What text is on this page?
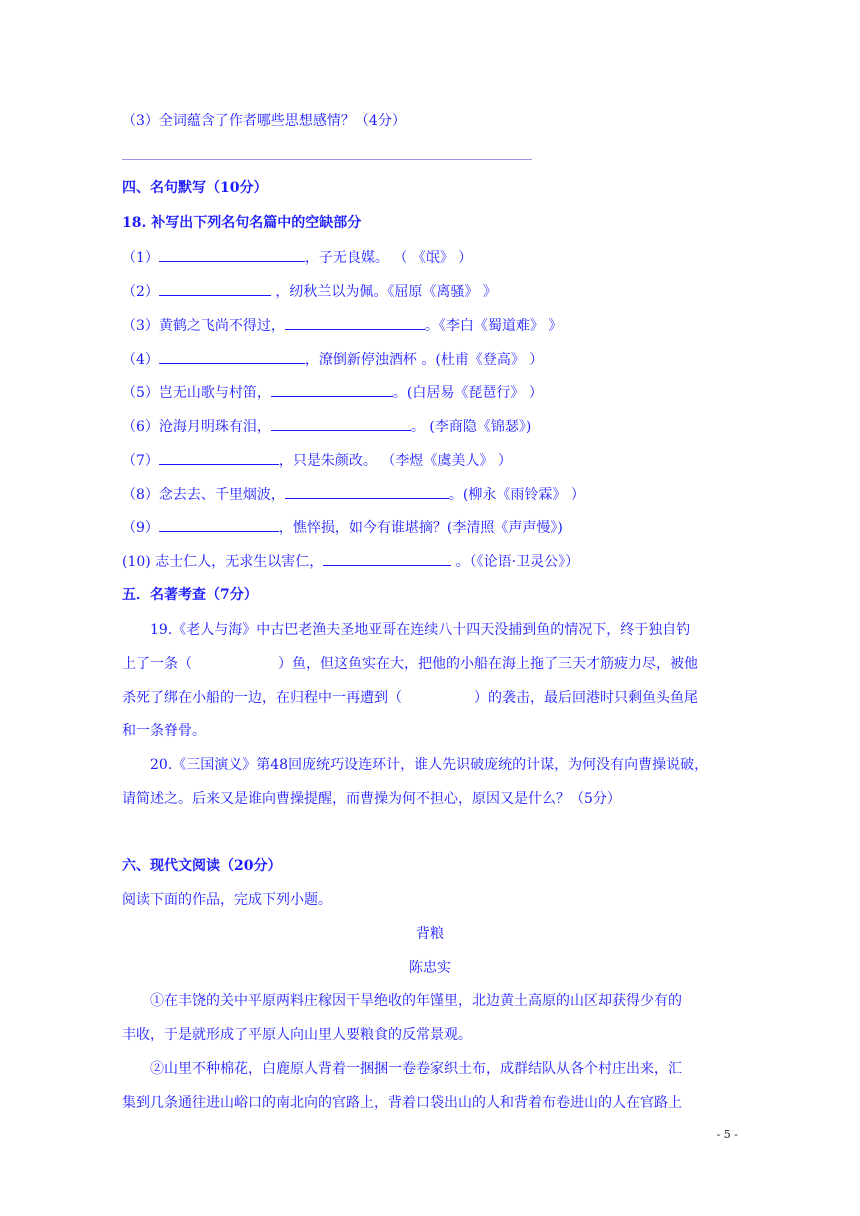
（3）全词蕴含了作者哪些思想感情？（4分）
四、名句默写（10分）
18. 补写出下列名句名篇中的空缺部分
（1）	，子无良媒。 （ 《氓》 ）
（2）	，纫秋兰以为佩。《屈原《离骚》 》
（3）黄鹤之飞尚不得过，	。《李白《蜀道难》 》
（4）	，潦倒新停浊酒杯 。(杜甫《登高》 ）
（5）岂无山歌与村笛，	。(白居易《琵琶行》 ）
（6）沧海月明珠有泪，	。 (李商隐《锦瑟》)
（7）	，只是朱颜改。 （李煜《虞美人》 ）
（8）念去去、千里烟波，	。(柳永《雨铃霖》 ）
（9）	，憔悴损，如今有谁堪摘？(李清照《声声慢》)
(10) 志士仁人，无求生以害仁，	。（《论语·卫灵公》）
五．名著考查（7分）
19.《老人与海》中古巴老渔夫圣地亚哥在连续八十四天没捕到鱼的情况下，终于独自钓
上了一条（	）鱼，但这鱼实在大，把他的小船在海上拖了三天才筋疲力尽，被他
杀死了绑在小船的一边，在归程中一再遭到（	）的袭击，最后回港时只剩鱼头鱼尾
和一条脊骨。
20.《三国演义》第48回庞统巧设连环计，谁人先识破庞统的计谋，为何没有向曹操说破，
请简述之。后来又是谁向曹操提醒，而曹操为何不担心，原因又是什么？（5分）
六、现代文阅读（20分）
阅读下面的作品，完成下列小题。
背粮
陈忠实
①在丰饶的关中平原两料庄稼因干旱绝收的年馑里，北边黄土高原的山区却获得少有的
丰收，于是就形成了平原人向山里人要粮食的反常景观。
②山里不种棉花，白鹿原人背着一捆捆一卷卷家织土布，成群结队从各个村庄出来，汇
集到几条通往进山峪口的南北向的官路上，背着口袋出山的人和背着布卷进山的人在官路上
- 5 -
